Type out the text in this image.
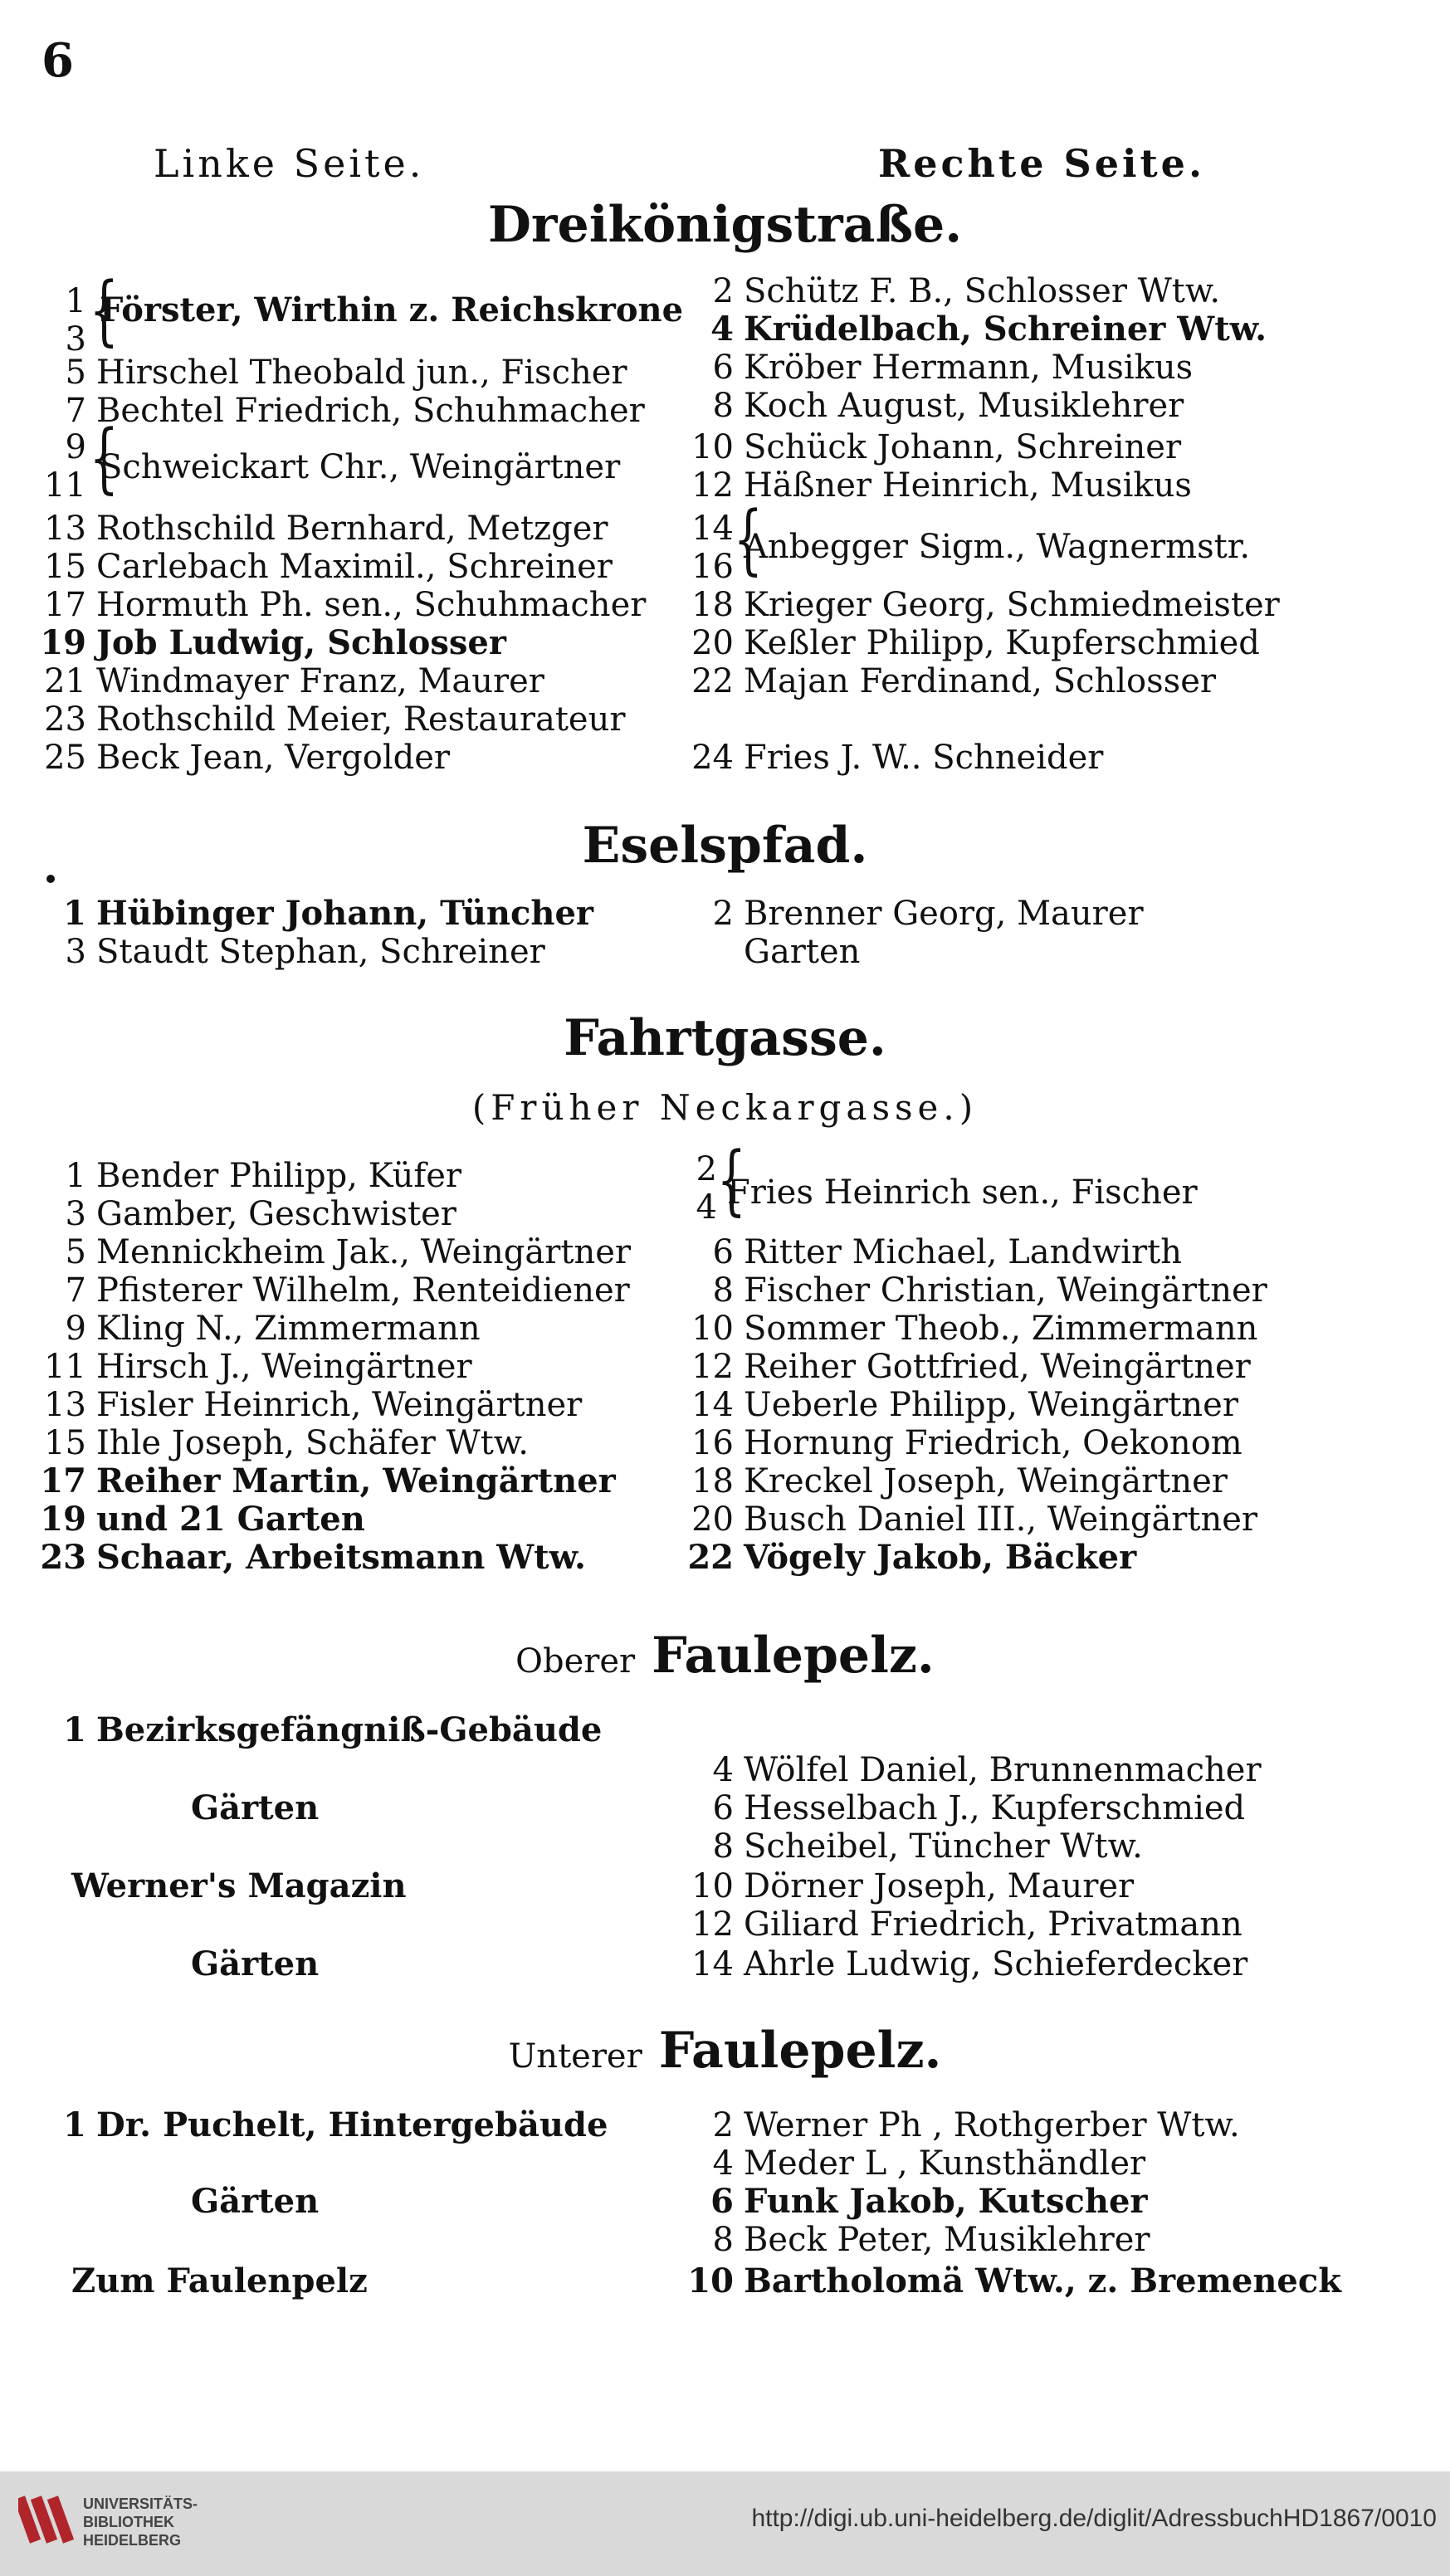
6
Linke Seite.	Rechte Seite.
Dreikönigstraße.
1
3 {
Förster, Wirthin z. Reichskrone
5 Hirschel Theobald jun., Fischer
7 Bechtel Friedrich, Schuhmacher
9
11 {
Schweickart Chr., Weingärtner
13 Rothschild Bernhard, Metzger
15 Carlebach Maximil., Schreiner
17 Hormuth Ph. sen., Schuhmacher
19 Job Ludwig, Schlosser
21 Windmayer Franz, Maurer
23 Rothschild Meier, Restaurateur
25 Beck Jean, Vergolder
2 Schütz F. B., Schlosser Wtw.
4 Krüdelbach, Schreiner Wtw.
6 Kröber Hermann, Musikus
8 Koch August, Musiklehrer
10 Schück Johann, Schreiner
12 Häßner Heinrich, Musikus
14
16 {
Anbegger Sigm., Wagnermstr.
18 Krieger Georg, Schmiedmeister
20 Keßler Philipp, Kupferschmied
22 Majan Ferdinand, Schlosser
24 Fries J. W.. Schneider
Eselspfad.
1 Hübinger Johann, Tüncher
3 Staudt Stephan, Schreiner
2 Brenner Georg, Maurer
Garten
Fahrtgasse.
(Früher Neckargasse.)
1 Bender Philipp, Küfer
3 Gamber, Geschwister
5 Mennickheim Jak., Weingärtner
7 Pfisterer Wilhelm, Renteidiener
9 Kling N., Zimmermann
11 Hirsch J., Weingärtner
13 Fisler Heinrich, Weingärtner
15 Ihle Joseph, Schäfer Wtw.
17 Reiher Martin, Weingärtner
19 und 21 Garten
23 Schaar, Arbeitsmann Wtw.
2
4 {
Fries Heinrich sen., Fischer
6 Ritter Michael, Landwirth
8 Fischer Christian, Weingärtner
10 Sommer Theob., Zimmermann
12 Reiher Gottfried, Weingärtner
14 Ueberle Philipp, Weingärtner
16 Hornung Friedrich, Oekonom
18 Kreckel Joseph, Weingärtner
20 Busch Daniel III., Weingärtner
22 Vögely Jakob, Bäcker
Oberer Faulepelz.
1 Bezirksgefängniß-Gebäude
Gärten
Werner's Magazin
Gärten
4 Wölfel Daniel, Brunnenmacher
6 Hesselbach J., Kupferschmied
8 Scheibel, Tüncher Wtw.
10 Dörner Joseph, Maurer
12 Giliard Friedrich, Privatmann
14 Ahrle Ludwig, Schieferdecker
Unterer Faulepelz.
1 Dr. Puchelt, Hintergebäude
Gärten
Zum Faulenpelz
2 Werner Ph , Rothgerber Wtw.
4 Meder L , Kunsthändler
6 Funk Jakob, Kutscher
8 Beck Peter, Musiklehrer
10 Bartholomä Wtw., z. Bremeneck
UNIVERSITÄTS-
BIBLIOTHEK
HEIDELBERG
http://digi.ub.uni-heidelberg.de/diglit/AdressbuchHD1867/0010
